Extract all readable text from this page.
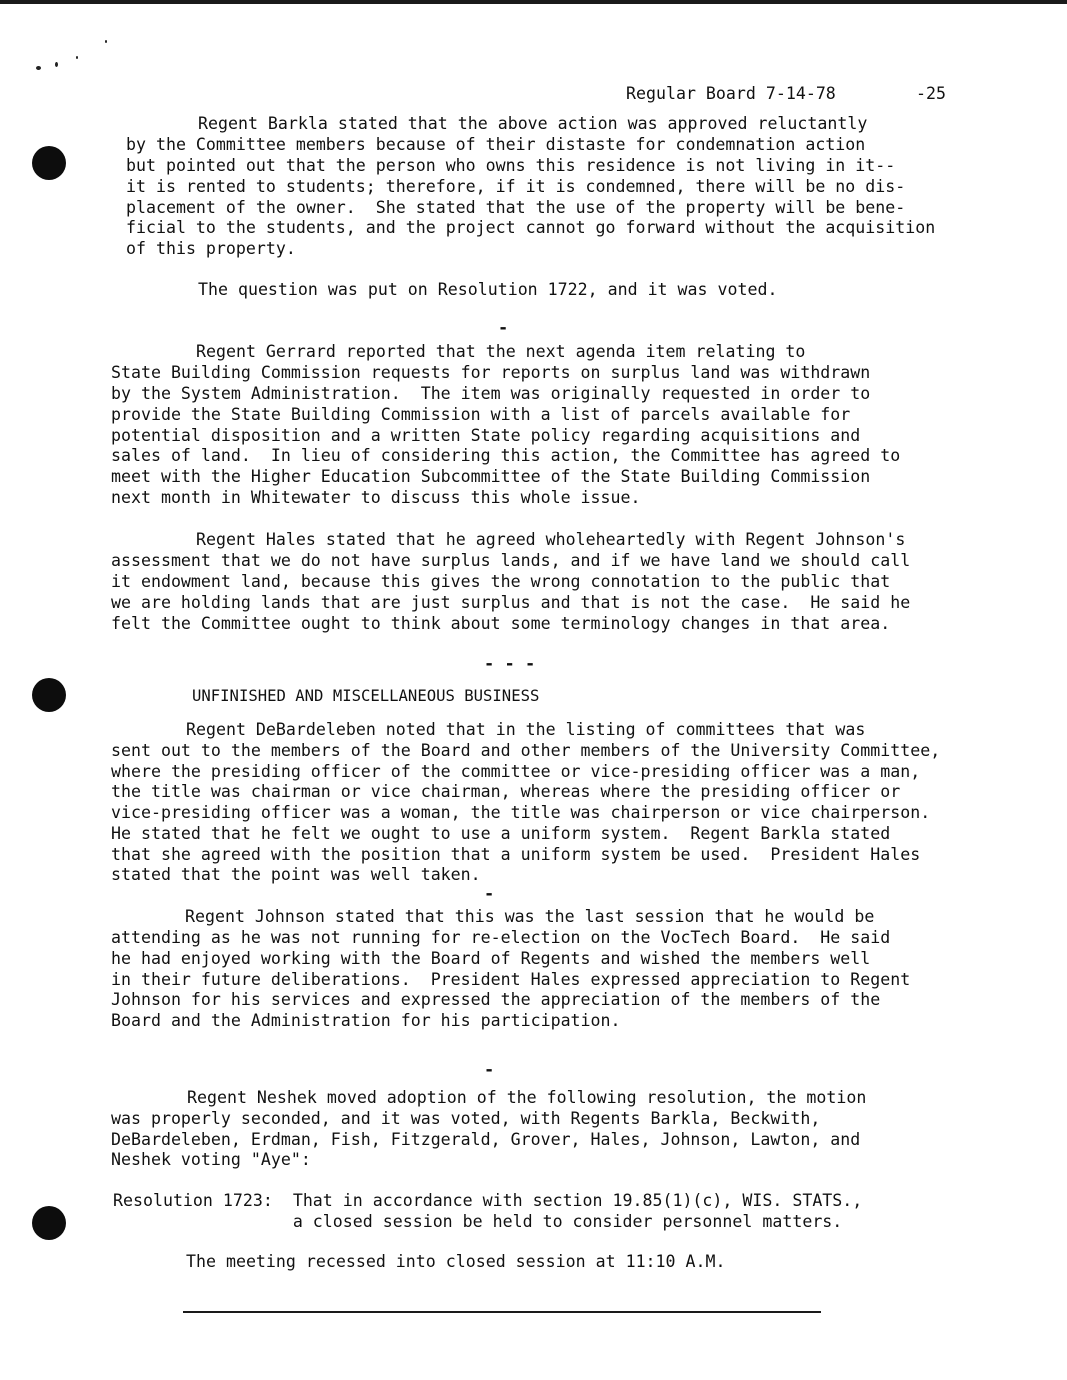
Regular Board 7-14-78	-25
Regent Barkla stated that the above action was approved reluctantly
by the Committee members because of their distaste for condemnation action
but pointed out that the person who owns this residence is not living in it--
it is rented to students; therefore, if it is condemned, there will be no dis-
placement of the owner.  She stated that the use of the property will be bene-
ficial to the students, and the project cannot go forward without the acquisition
of this property.
The question was put on Resolution 1722, and it was voted.
-
Regent Gerrard reported that the next agenda item relating to
State Building Commission requests for reports on surplus land was withdrawn
by the System Administration.  The item was originally requested in order to
provide the State Building Commission with a list of parcels available for
potential disposition and a written State policy regarding acquisitions and
sales of land.  In lieu of considering this action, the Committee has agreed to
meet with the Higher Education Subcommittee of the State Building Commission
next month in Whitewater to discuss this whole issue.
Regent Hales stated that he agreed wholeheartedly with Regent Johnson's
assessment that we do not have surplus lands, and if we have land we should call
it endowment land, because this gives the wrong connotation to the public that
we are holding lands that are just surplus and that is not the case.  He said he
felt the Committee ought to think about some terminology changes in that area.
- - -
UNFINISHED AND MISCELLANEOUS BUSINESS
Regent DeBardeleben noted that in the listing of committees that was
sent out to the members of the Board and other members of the University Committee,
where the presiding officer of the committee or vice-presiding officer was a man,
the title was chairman or vice chairman, whereas where the presiding officer or
vice-presiding officer was a woman, the title was chairperson or vice chairperson.
He stated that he felt we ought to use a uniform system.  Regent Barkla stated
that she agreed with the position that a uniform system be used.  President Hales
stated that the point was well taken.
-
Regent Johnson stated that this was the last session that he would be
attending as he was not running for re-election on the VocTech Board.  He said
he had enjoyed working with the Board of Regents and wished the members well
in their future deliberations.  President Hales expressed appreciation to Regent
Johnson for his services and expressed the appreciation of the members of the
Board and the Administration for his participation.
-
Regent Neshek moved adoption of the following resolution, the motion
was properly seconded, and it was voted, with Regents Barkla, Beckwith,
DeBardeleben, Erdman, Fish, Fitzgerald, Grover, Hales, Johnson, Lawton, and
Neshek voting "Aye":
Resolution 1723:  That in accordance with section 19.85(1)(c), WIS. STATS.,
a closed session be held to consider personnel matters.
The meeting recessed into closed session at 11:10 A.M.
